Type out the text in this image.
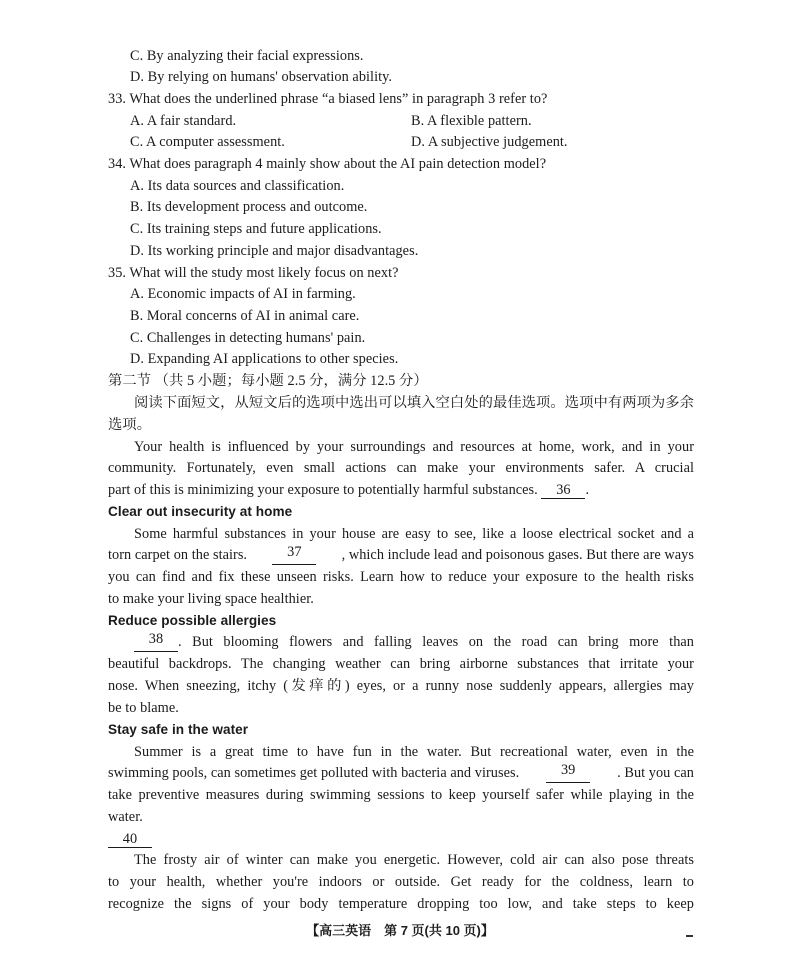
C. By analyzing their facial expressions.
D. By relying on humans' observation ability.
33. What does the underlined phrase “a biased lens” in paragraph 3 refer to?
A. A fair standard.	B. A flexible pattern.
C. A computer assessment.	D. A subjective judgement.
34. What does paragraph 4 mainly show about the AI pain detection model?
A. Its data sources and classification.
B. Its development process and outcome.
C. Its training steps and future applications.
D. Its working principle and major disadvantages.
35. What will the study most likely focus on next?
A. Economic impacts of AI in farming.
B. Moral concerns of AI in animal care.
C. Challenges in detecting humans' pain.
D. Expanding AI applications to other species.
第二节 （共 5 小题；每小题 2.5 分，满分 12.5 分）
阅读下面短文，从短文后的选项中选出可以填入空白处的最佳选项。选项中有两项为多余
选项。
Your health is influenced by your surroundings and resources at home, work, and in your
community. Fortunately, even small actions can make your environments safer. A crucial
part of this is minimizing your exposure to potentially harmful substances. 36 .
Clear out insecurity at home
Some harmful substances in your house are easy to see, like a loose electrical socket and a
torn carpet on the stairs.	37	, which include lead and poisonous gases. But there are ways
you can find and fix these unseen risks. Learn how to reduce your exposure to the health risks
to make your living space healthier.
Reduce possible allergies
38	. But blooming flowers and falling leaves on the road can bring more than
beautiful backdrops. The changing weather can bring airborne substances that irritate your
nose. When sneezing, itchy (发痒的) eyes, or a runny nose suddenly appears, allergies may
be to blame.
Stay safe in the water
Summer is a great time to have fun in the water. But recreational water, even in the
swimming pools, can sometimes get polluted with bacteria and viruses.	39	. But you can
take preventive measures during swimming sessions to keep yourself safer while playing in the
water.
40
The frosty air of winter can make you energetic. However, cold air can also pose threats
to your health, whether you're indoors or outside. Get ready for the coldness, learn to
recognize the signs of your body temperature dropping too low, and take steps to keep
【高三英语　第 7 页(共 10 页)】
